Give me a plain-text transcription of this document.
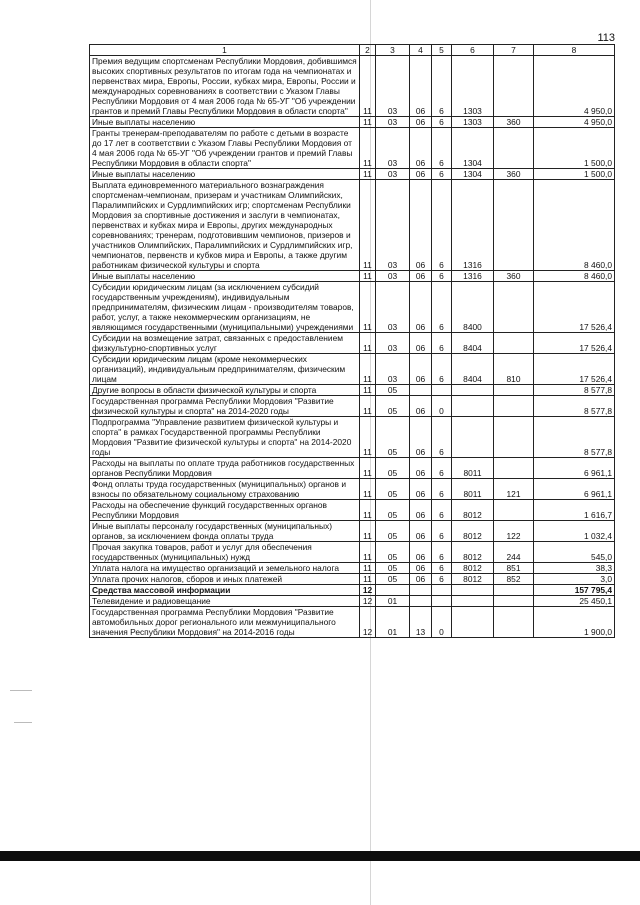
113
1	2	3	4	5	6	7	8
Премия ведущим спортсменам Республики Мордовия, добившимся высоких спортивных результатов по итогам года на чемпионатах и первенствах мира, Европы, России, кубках мира, Европы, России и международных соревнованиях в соответствии с Указом Главы Республики Мордовия от 4 мая 2006 года № 65-УГ "Об учреждении грантов и премий Главы Республики Мордовия в области спорта"	11	03	06	6	1303		4 950,0
Иные выплаты населению	11	03	06	6	1303	360	4 950,0
Гранты тренерам-преподавателям по работе с детьми в возрасте до 17 лет в соответствии с Указом Главы Республики Мордовия от 4 мая 2006 года № 65-УГ "Об учреждении грантов и премий Главы Республики Мордовия в области спорта"	11	03	06	6	1304		1 500,0
Иные выплаты населению	11	03	06	6	1304	360	1 500,0
Выплата единовременного материального вознаграждения спортсменам-чемпионам, призерам и участникам Олимпийских, Паралимпийских и Сурдлимпийских игр; спортсменам Республики Мордовия за спортивные достижения и заслуги в чемпионатах, первенствах и кубках мира и Европы, других международных соревнованиях; тренерам, подготовившим чемпионов, призеров и участников Олимпийских, Паралимпийских и Сурдлимпийских игр, чемпионатов, первенств и кубков мира и Европы, а также другим работникам физической культуры и спорта	11	03	06	6	1316		8 460,0
Иные выплаты населению	11	03	06	6	1316	360	8 460,0
Субсидии юридическим лицам (за исключением субсидий государственным учреждениям), индивидуальным предпринимателям, физическим лицам - производителям товаров, работ, услуг, а также некоммерческим организациям, не являющимся государственными (муниципальными) учреждениями	11	03	06	6	8400		17 526,4
Субсидии на возмещение затрат, связанных с предоставлением физкультурно-спортивных услуг	11	03	06	6	8404		17 526,4
Субсидии юридическим лицам (кроме некоммерческих организаций), индивидуальным предпринимателям, физическим лицам	11	03	06	6	8404	810	17 526,4
Другие вопросы в области физической культуры и спорта	11	05					8 577,8
Государственная программа Республики Мордовия "Развитие физической культуры и спорта" на 2014-2020 годы	11	05	06	0			8 577,8
Подпрограмма "Управление развитием физической культуры и спорта" в рамках Государственной программы Республики Мордовия "Развитие физической культуры и спорта" на 2014-2020 годы	11	05	06	6			8 577,8
Расходы на выплаты по оплате труда работников государственных органов Республики Мордовия	11	05	06	6	8011		6 961,1
Фонд оплаты труда государственных (муниципальных) органов и взносы по обязательному социальному страхованию	11	05	06	6	8011	121	6 961,1
Расходы на обеспечение функций государственных органов Республики Мордовия	11	05	06	6	8012		1 616,7
Иные выплаты персоналу государственных (муниципальных) органов, за исключением фонда оплаты труда	11	05	06	6	8012	122	1 032,4
Прочая закупка товаров, работ и услуг для обеспечения государственных (муниципальных) нужд	11	05	06	6	8012	244	545,0
Уплата налога на имущество организаций и земельного налога	11	05	06	6	8012	851	38,3
Уплата прочих налогов, сборов и иных платежей	11	05	06	6	8012	852	3,0
Средства массовой информации	12						157 795,4
Телевидение и радиовещание	12	01					25 450,1
Государственная программа Республики Мордовия "Развитие автомобильных дорог регионального или межмуниципального значения Республики Мордовия" на 2014-2016 годы	12	01	13	0			1 900,0
